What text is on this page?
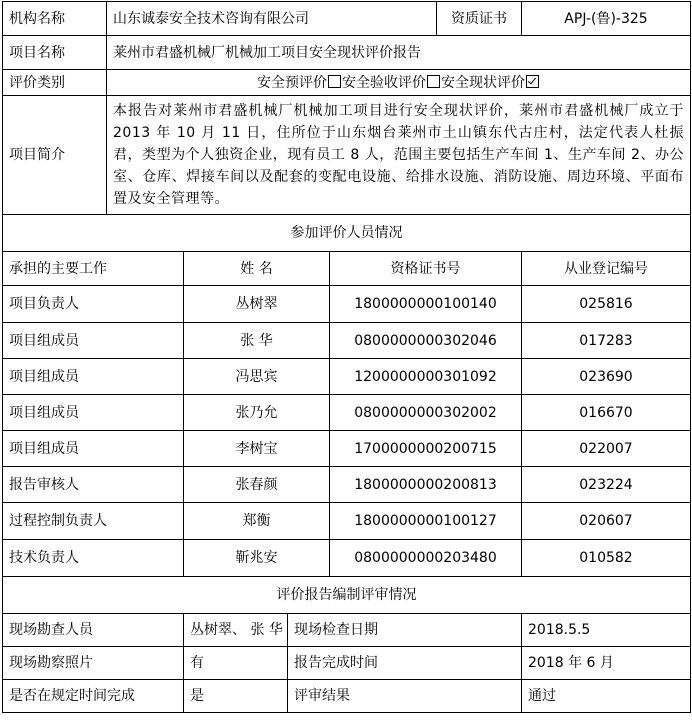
机构名称	山东诚泰安全技术咨询有限公司				资质证书	APJ-(鲁)-325
项目名称	莱州市君盛机械厂机械加工项目安全现状评价报告					
评价类别	安全预评价 安全验收评价 安全现状评价					
项目简介	本报告对莱州市君盛机械厂机械加工项目进行安全现状评价，莱州市君盛机械厂成立于 2013 年 10 月 11 日，住所位于山东烟台莱州市土山镇东代古庄村，法定代表人杜振君，类型为个人独资企业，现有员工 8 人，范围主要包括生产车间 1、生产车间 2、办公室、仓库、焊接车间以及配套的变配电设施、给排水设施、消防设施、周边环境、平面布置及安全管理等。					
参加评价人员情况						
承担的主要工作		姓 名		资格证书号		从业登记编号
项目负责人		丛树翠		1800000000100140		025816
项目组成员		张 华		0800000000302046		017283
项目组成员		冯思宾		1200000000301092		023690
项目组成员		张乃允		0800000000302002		016670
项目组成员		李树宝		1700000000200715		022007
报告审核人		张春颜		1800000000200813		023224
过程控制负责人		郑衡		1800000000100127		020607
技术负责人		靳兆安		0800000000203480		010582
评价报告编制评审情况						
现场勘查人员		丛树翠、 张 华	现场检查日期			2018.5.5
现场勘察照片		有	报告完成时间			2018 年 6 月
是否在规定时间完成		是	评审结果			通过
